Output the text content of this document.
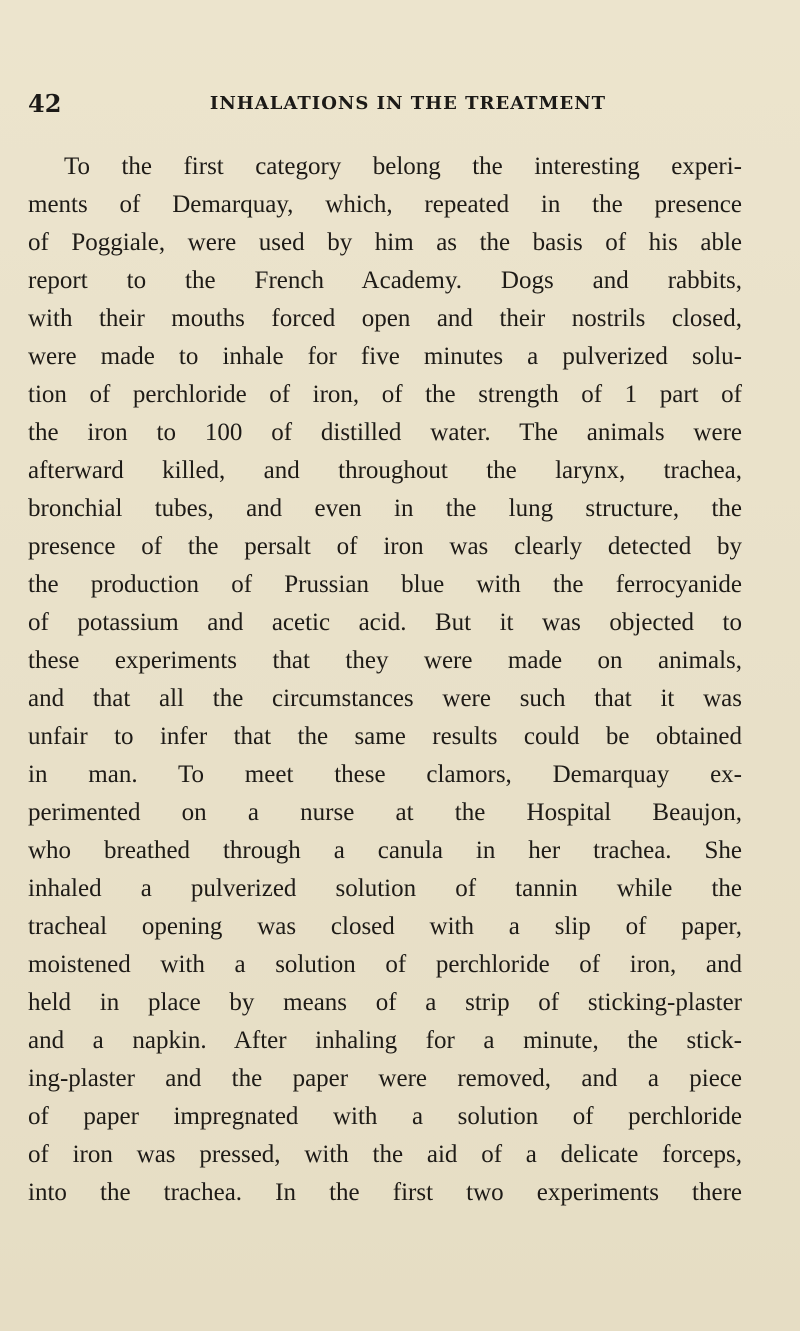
42	INHALATIONS IN THE TREATMENT
To the first category belong the interesting experi-
ments of Demarquay, which, repeated in the presence
of Poggiale, were used by him as the basis of his able
report to the French Academy. Dogs and rabbits,
with their mouths forced open and their nostrils closed,
were made to inhale for five minutes a pulverized solu-
tion of perchloride of iron, of the strength of 1 part of
the iron to 100 of distilled water. The animals were
afterward killed, and throughout the larynx, trachea,
bronchial tubes, and even in the lung structure, the
presence of the persalt of iron was clearly detected by
the production of Prussian blue with the ferrocyanide
of potassium and acetic acid. But it was objected to
these experiments that they were made on animals,
and that all the circumstances were such that it was
unfair to infer that the same results could be obtained
in man. To meet these clamors, Demarquay ex-
perimented on a nurse at the Hospital Beaujon,
who breathed through a canula in her trachea. She
inhaled a pulverized solution of tannin while the
tracheal opening was closed with a slip of paper,
moistened with a solution of perchloride of iron, and
held in place by means of a strip of sticking-plaster
and a napkin. After inhaling for a minute, the stick-
ing-plaster and the paper were removed, and a piece
of paper impregnated with a solution of perchloride
of iron was pressed, with the aid of a delicate forceps,
into the trachea. In the first two experiments there
